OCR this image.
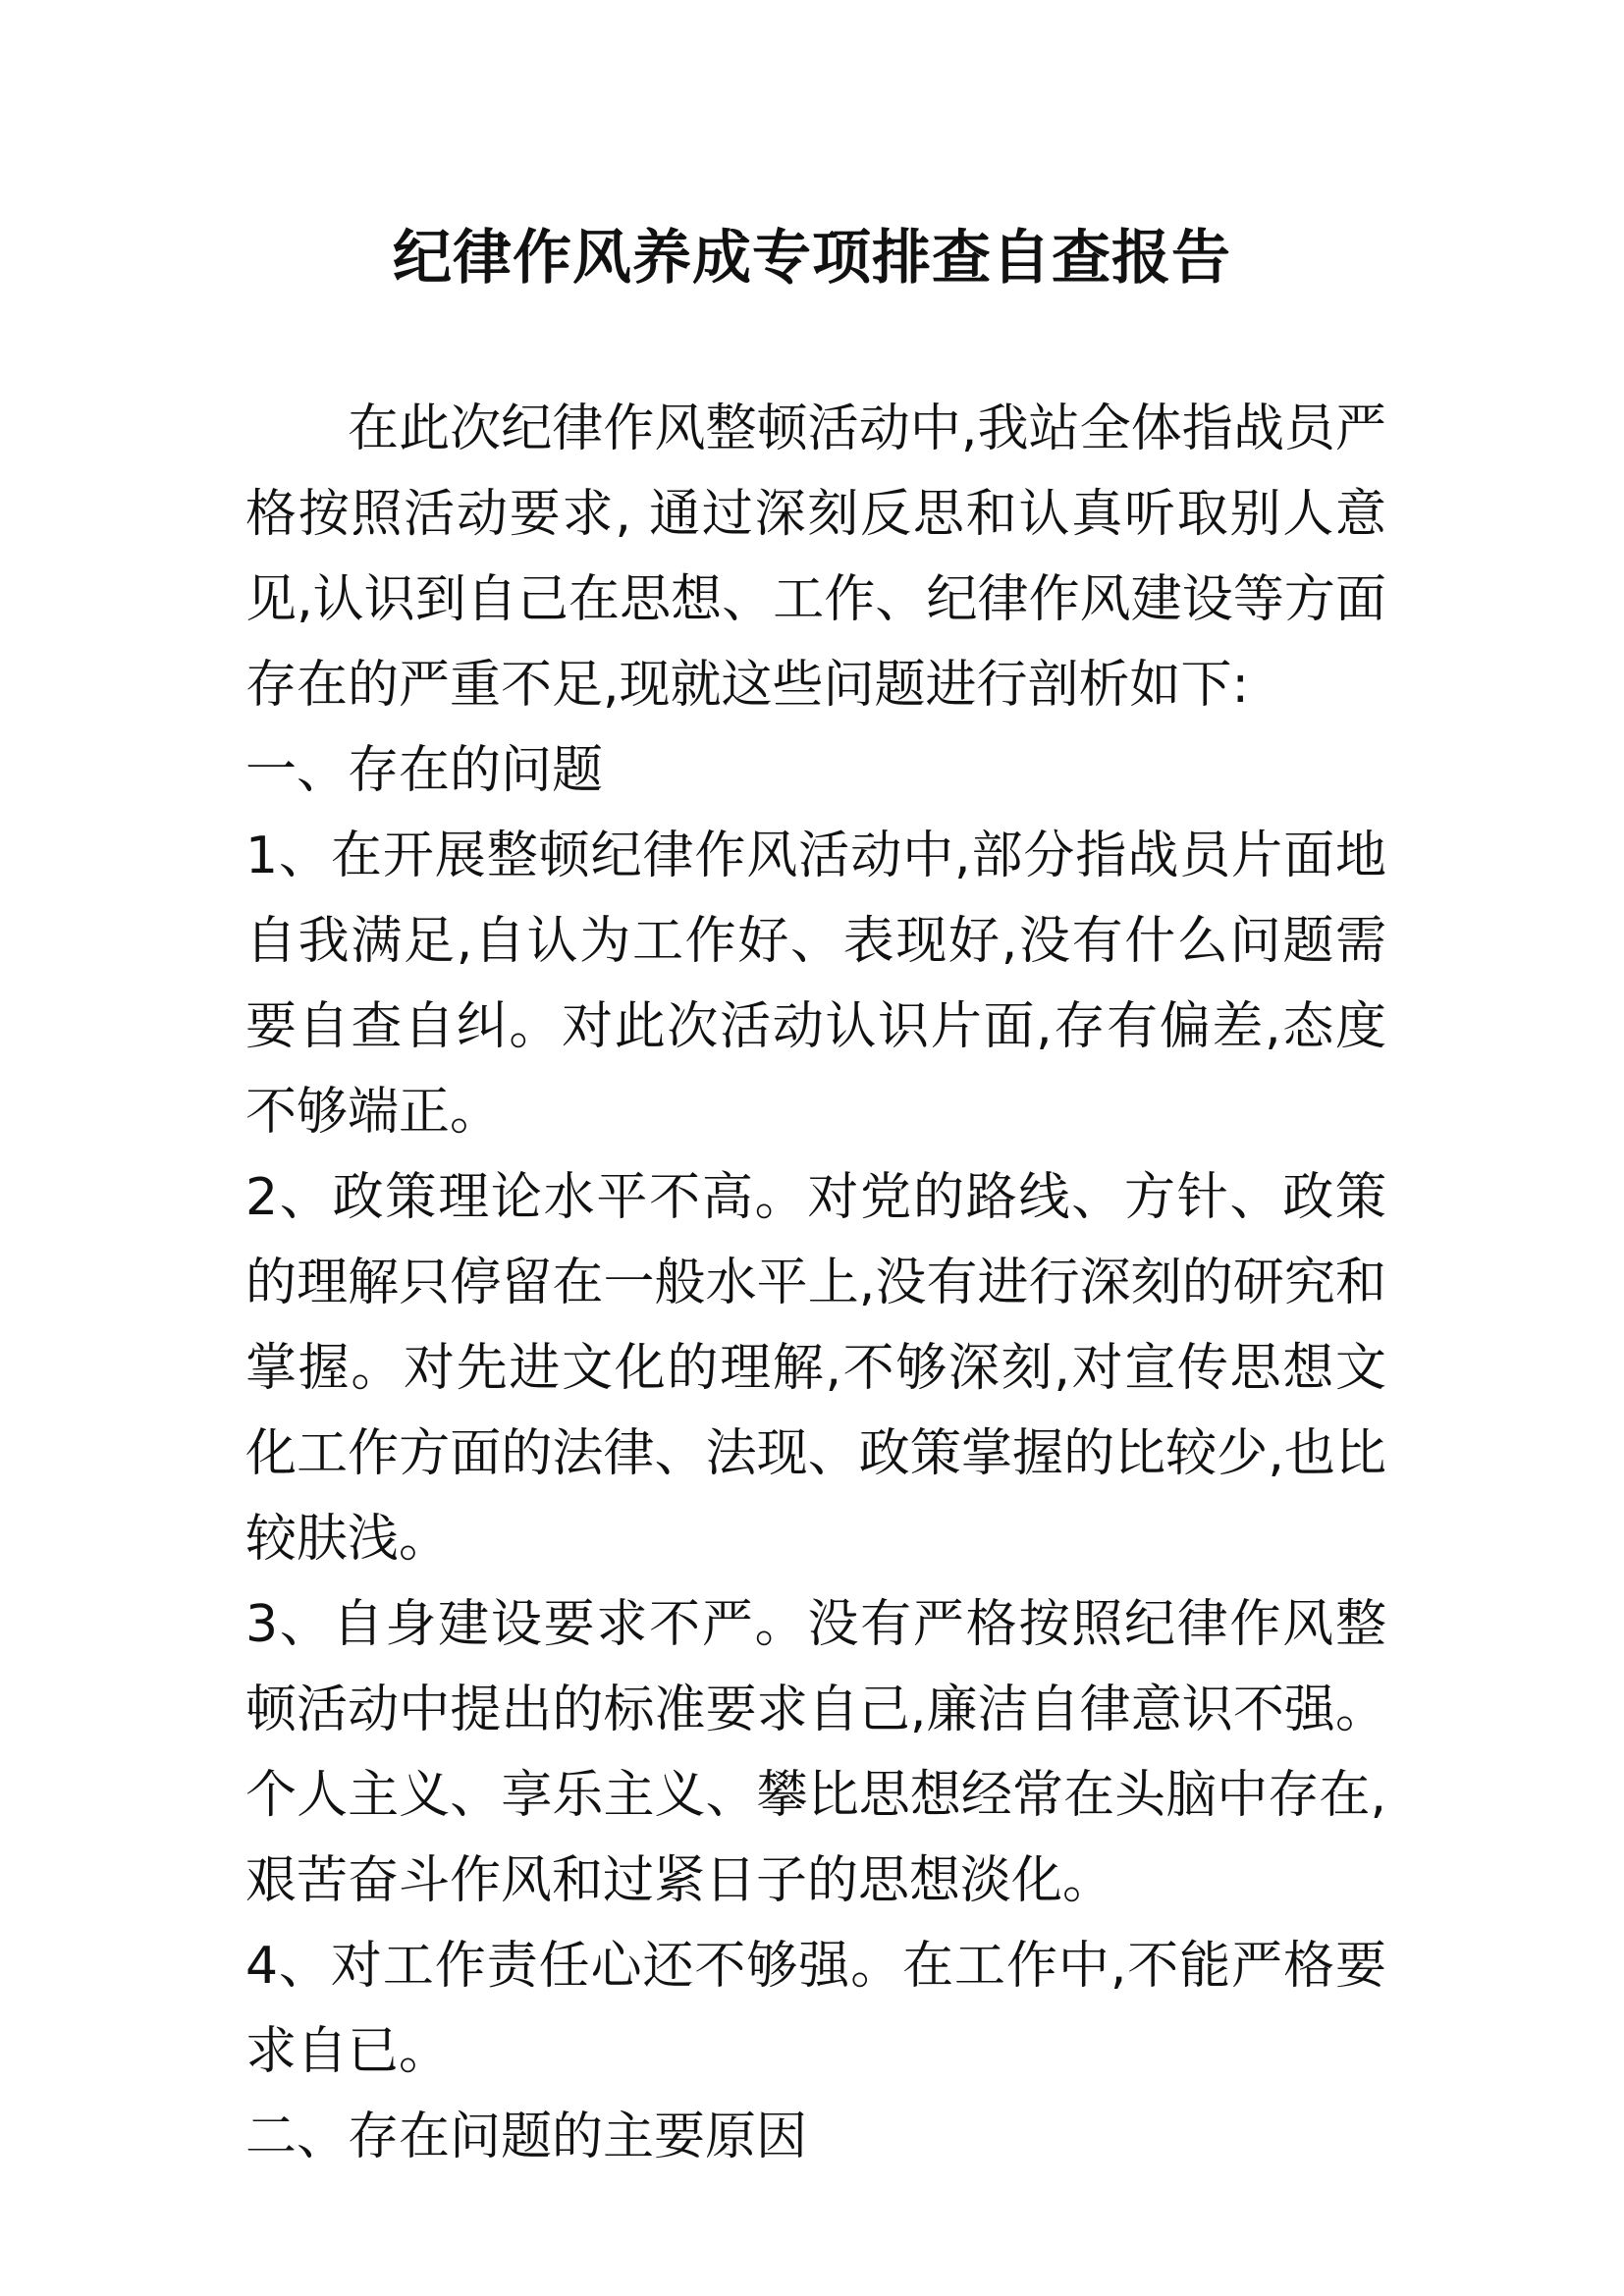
纪律作风养成专项排查自查报告

在此次纪律作风整顿活动中,我站全体指战员严格按照活动要求, 通过深刻反思和认真听取别人意见,认识到自己在思想、工作、纪律作风建设等方面存在的严重不足,现就这些问题进行剖析如下:

一、存在的问题

1、在开展整顿纪律作风活动中,部分指战员片面地自我满足,自认为工作好、表现好,没有什么问题需要自查自纠。对此次活动认识片面,存有偏差,态度不够端正。

2、政策理论水平不高。对党的路线、方针、政策的理解只停留在一般水平上,没有进行深刻的研究和掌握。对先进文化的理解,不够深刻,对宣传思想文化工作方面的法律、法现、政策掌握的比较少,也比较肤浅。

3、自身建设要求不严。没有严格按照纪律作风整顿活动中提出的标准要求自己,廉洁自律意识不强。个人主义、享乐主义、攀比思想经常在头脑中存在,艰苦奋斗作风和过紧日子的思想淡化。

4、对工作责任心还不够强。在工作中,不能严格要求自已。

二、存在问题的主要原因
